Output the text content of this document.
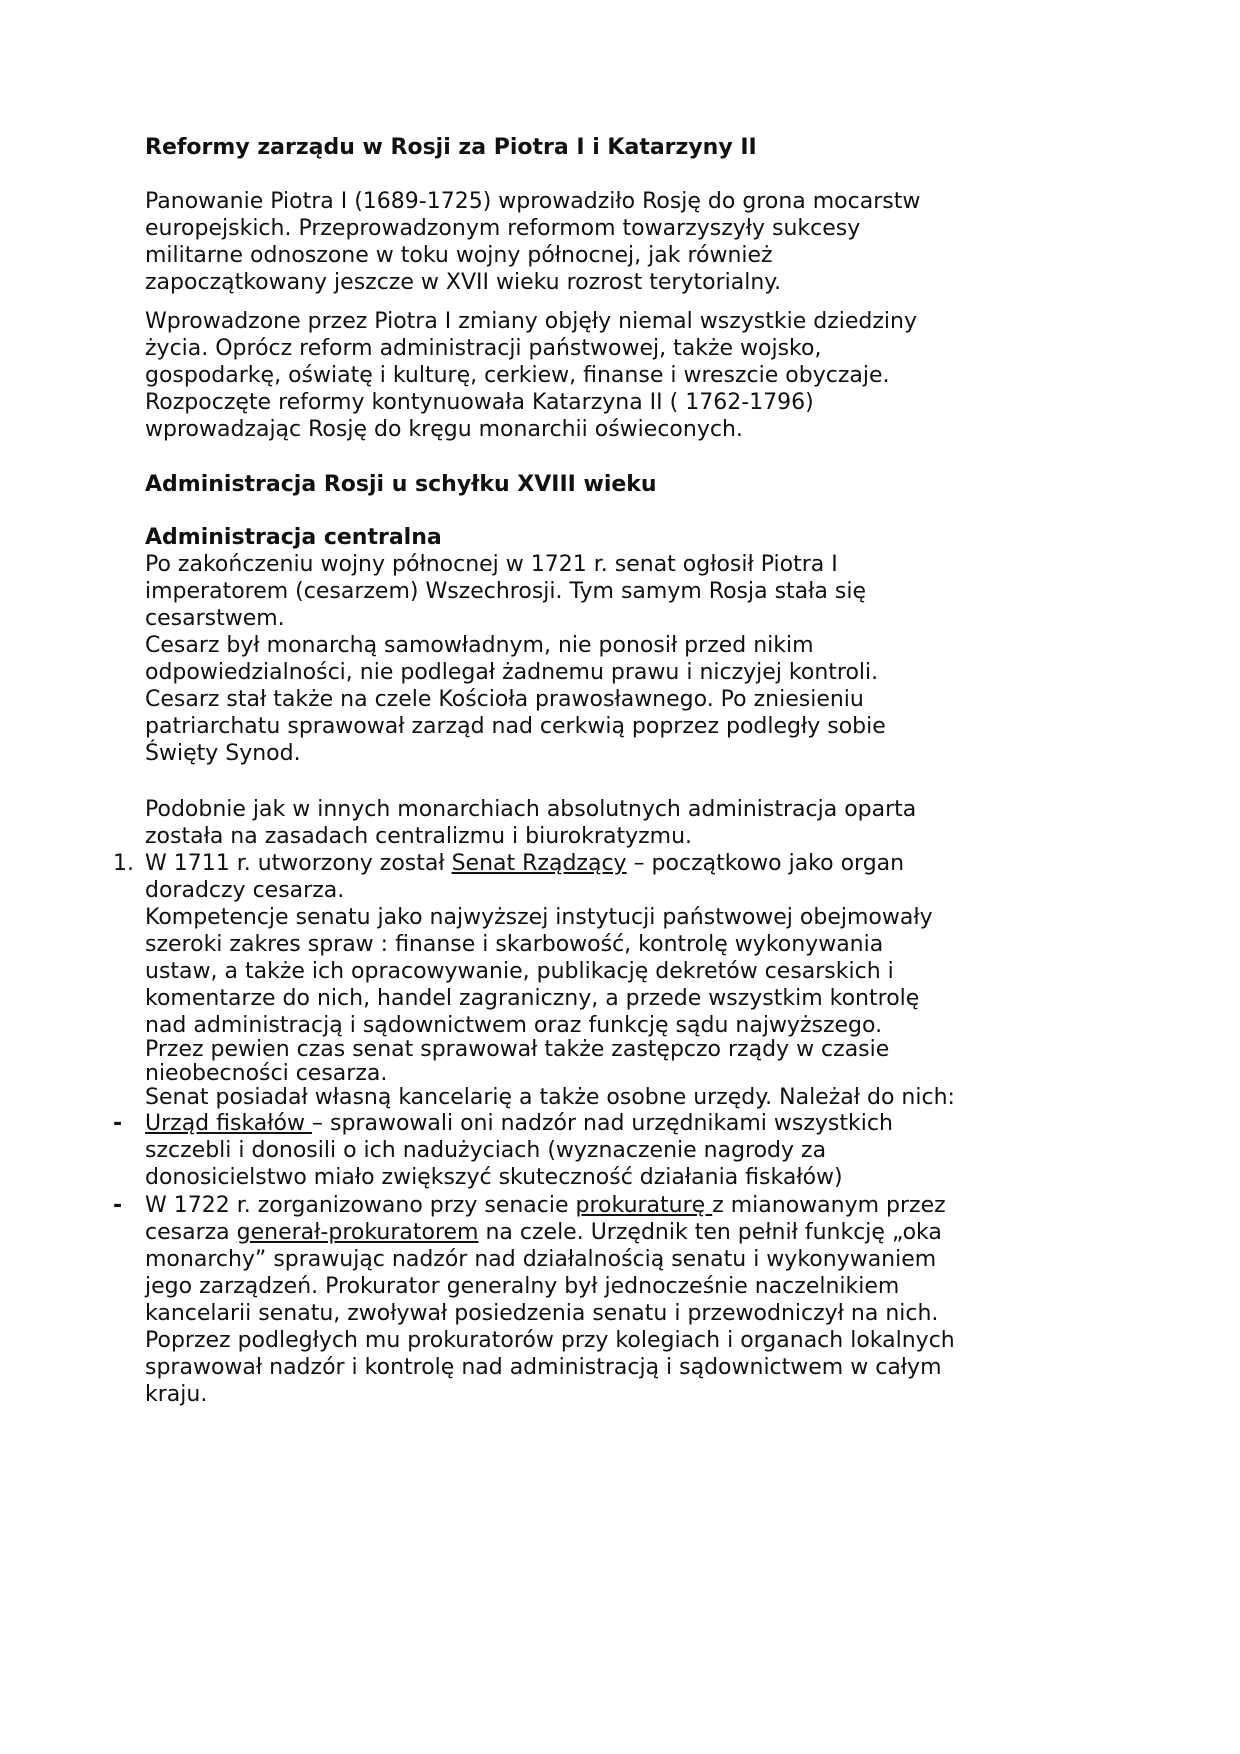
Reformy zarządu w Rosji za Piotra I i Katarzyny II
Panowanie Piotra I (1689-1725) wprowadziło Rosję do grona mocarstw
europejskich. Przeprowadzonym reformom towarzyszyły sukcesy
militarne odnoszone w toku wojny północnej, jak również
zapoczątkowany jeszcze w XVII wieku rozrost terytorialny.
Wprowadzone przez Piotra I zmiany objęły niemal wszystkie dziedziny
życia. Oprócz reform administracji państwowej, także wojsko,
gospodarkę, oświatę i kulturę, cerkiew, finanse i wreszcie obyczaje.
Rozpoczęte reformy kontynuowała Katarzyna II ( 1762-1796)
wprowadzając Rosję do kręgu monarchii oświeconych.
Administracja Rosji u schyłku XVIII wieku
Administracja centralna
Po zakończeniu wojny północnej w 1721 r. senat ogłosił Piotra I
imperatorem (cesarzem) Wszechrosji. Tym samym Rosja stała się
cesarstwem.
Cesarz był monarchą samowładnym, nie ponosił przed nikim
odpowiedzialności, nie podlegał żadnemu prawu i niczyjej kontroli.
Cesarz stał także na czele Kościoła prawosławnego. Po zniesieniu
patriarchatu sprawował zarząd nad cerkwią poprzez podległy sobie
Święty Synod.
Podobnie jak w innych monarchiach absolutnych administracja oparta
została na zasadach centralizmu i biurokratyzmu.
1. W 1711 r. utworzony został Senat Rządzący – początkowo jako organ
doradczy cesarza.
Kompetencje senatu jako najwyższej instytucji państwowej obejmowały
szeroki zakres spraw : finanse i skarbowość, kontrolę wykonywania
ustaw, a także ich opracowywanie, publikację dekretów cesarskich i
komentarze do nich, handel zagraniczny, a przede wszystkim kontrolę
nad administracją i sądownictwem oraz funkcję sądu najwyższego.
Przez pewien czas senat sprawował także zastępczo rządy w czasie
nieobecności cesarza.
Senat posiadał własną kancelarię a także osobne urzędy. Należał do nich:
- Urząd fiskałów – sprawowali oni nadzór nad urzędnikami wszystkich
szczebli i donosili o ich nadużyciach (wyznaczenie nagrody za
donosicielstwo miało zwiększyć skuteczność działania fiskałów)
- W 1722 r. zorganizowano przy senacie prokuraturę z mianowanym przez
cesarza generał-prokuratorem na czele. Urzędnik ten pełnił funkcję „oka
monarchy” sprawując nadzór nad działalnością senatu i wykonywaniem
jego zarządzeń. Prokurator generalny był jednocześnie naczelnikiem
kancelarii senatu, zwoływał posiedzenia senatu i przewodniczył na nich.
Poprzez podległych mu prokuratorów przy kolegiach i organach lokalnych
sprawował nadzór i kontrolę nad administracją i sądownictwem w całym
kraju.
